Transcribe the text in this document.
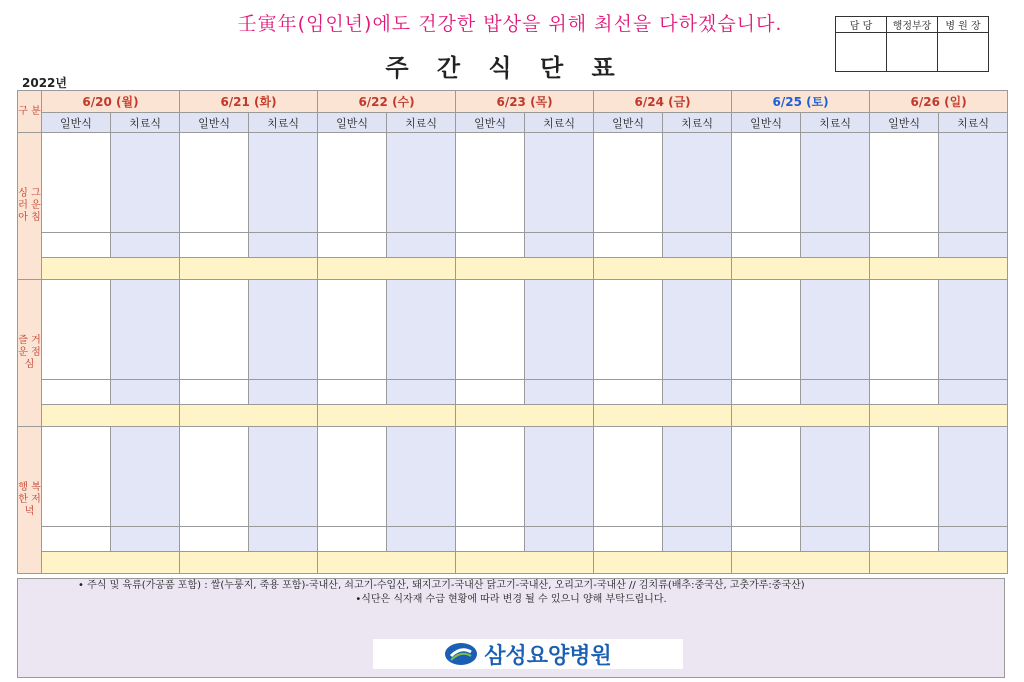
壬寅年(임인년)에도 건강한 밥상을 위해 최선을 다하겠습니다.
주 간 식 단 표
2022년
담 당	행정부장	병 원 장

구 분	6/20 (월)		6/21 (화)		6/22 (수)		6/23 (목)		6/24 (금)		6/25 (토)		6/26 (일)	
	일반식	치료식	일반식	치료식	일반식	치료식	일반식	치료식	일반식	치료식	일반식	치료식	일반식	치료식
싱 그 러 운 아 침														

즐 거 운 점 심														

행 복 한 저 녁														

• 주식 및 육류(가공품 포함) : 쌀(누룽지, 죽용 포함)-국내산, 쇠고기-수입산, 돼지고기-국내산 닭고기-국내산, 오리고기-국내산 // 김치류(배추:중국산, 고춧가루:중국산)

•식단은 식자재 수급 현황에 따라 변경 될 수 있으니 양해 부탁드립니다.

삼성요양병원
